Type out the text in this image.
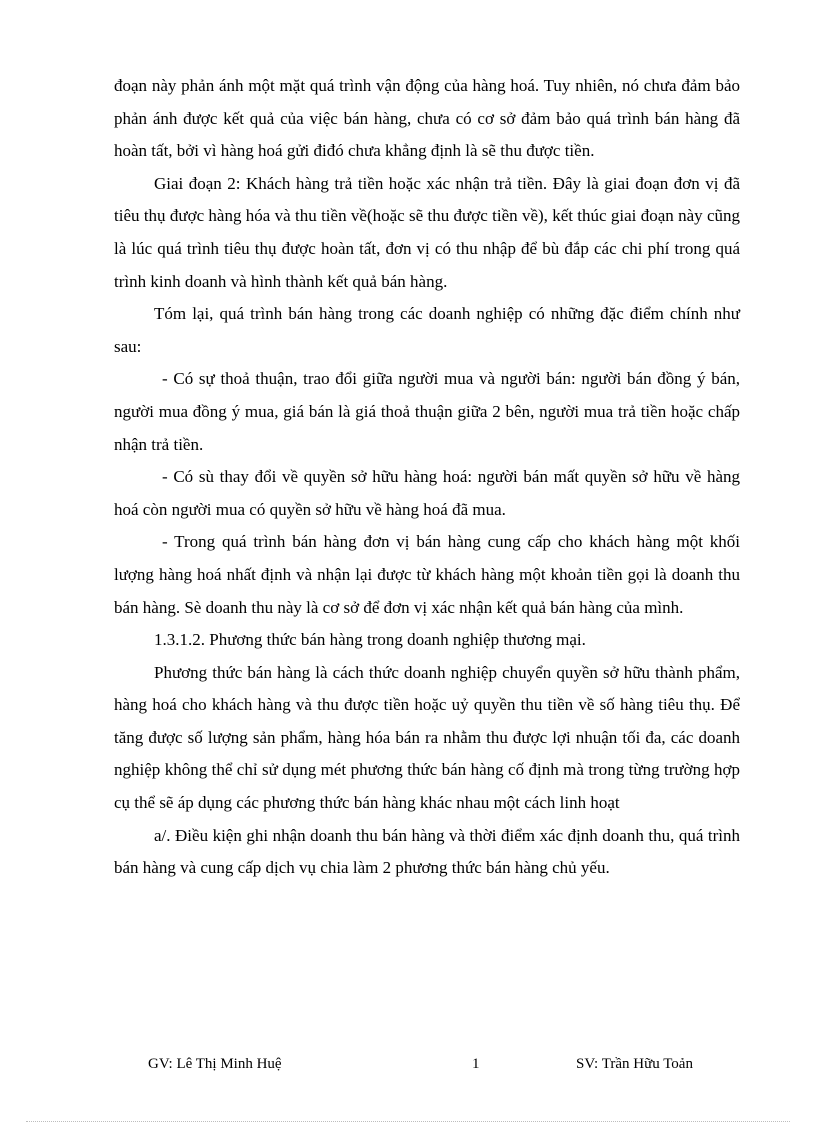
đoạn này phản ánh một mặt quá trình vận động của hàng hoá. Tuy nhiên, nó chưa đảm bảo phản ánh được kết quả của việc bán hàng, chưa có cơ sở đảm bảo quá trình bán hàng đã hoàn tất, bởi vì hàng hoá gửi điđó chưa khẳng định là sẽ thu được tiền.

Giai đoạn 2: Khách hàng trả tiền hoặc xác nhận trả tiền. Đây là giai đoạn đơn vị đã tiêu thụ được hàng hóa và thu tiền về(hoặc sẽ thu được tiền về), kết thúc giai đoạn này cũng là lúc quá trình tiêu thụ được hoàn tất, đơn vị có thu nhập để bù đắp các chi phí trong quá trình kinh doanh và hình thành kết quả bán hàng.

Tóm lại, quá trình bán hàng trong các doanh nghiệp có những đặc điểm chính như sau:

- Có sự thoả thuận, trao đổi giữa người mua và người bán: người bán đồng ý bán, người mua đồng ý mua, giá bán là giá thoả thuận giữa 2 bên, người mua trả tiền hoặc chấp nhận trả tiền.

- Có sù thay đổi về quyền sở hữu hàng hoá: người bán mất quyền sở hữu về hàng hoá còn người mua có quyền sở hữu về hàng hoá đã mua.

- Trong quá trình bán hàng đơn vị bán hàng cung cấp cho khách hàng một khối lượng hàng hoá nhất định và nhận lại được từ khách hàng một khoản tiền gọi là doanh thu bán hàng. Sè doanh thu này là cơ sở để đơn vị xác nhận kết quả bán hàng của mình.

1.3.1.2. Phương thức bán hàng trong doanh nghiệp thương mại.

Phương thức bán hàng là cách thức doanh nghiệp chuyển quyền sở hữu thành phẩm, hàng hoá cho khách hàng và thu được tiền hoặc uỷ quyền thu tiền về số hàng tiêu thụ. Để tăng được số lượng sản phẩm, hàng hóa bán ra nhằm thu được lợi nhuận tối đa, các doanh nghiệp không thể chỉ sử dụng mét phương thức bán hàng cố định mà trong từng trường hợp cụ thể sẽ áp dụng các phương thức bán hàng khác nhau một cách linh hoạt

a/. Điều kiện ghi nhận doanh thu bán hàng và thời điểm xác định doanh thu, quá trình bán hàng và cung cấp dịch vụ chia làm 2 phương thức bán hàng chủ yếu.

GV: Lê Thị Minh Huệ	1	SV: Trần Hữu Toản
